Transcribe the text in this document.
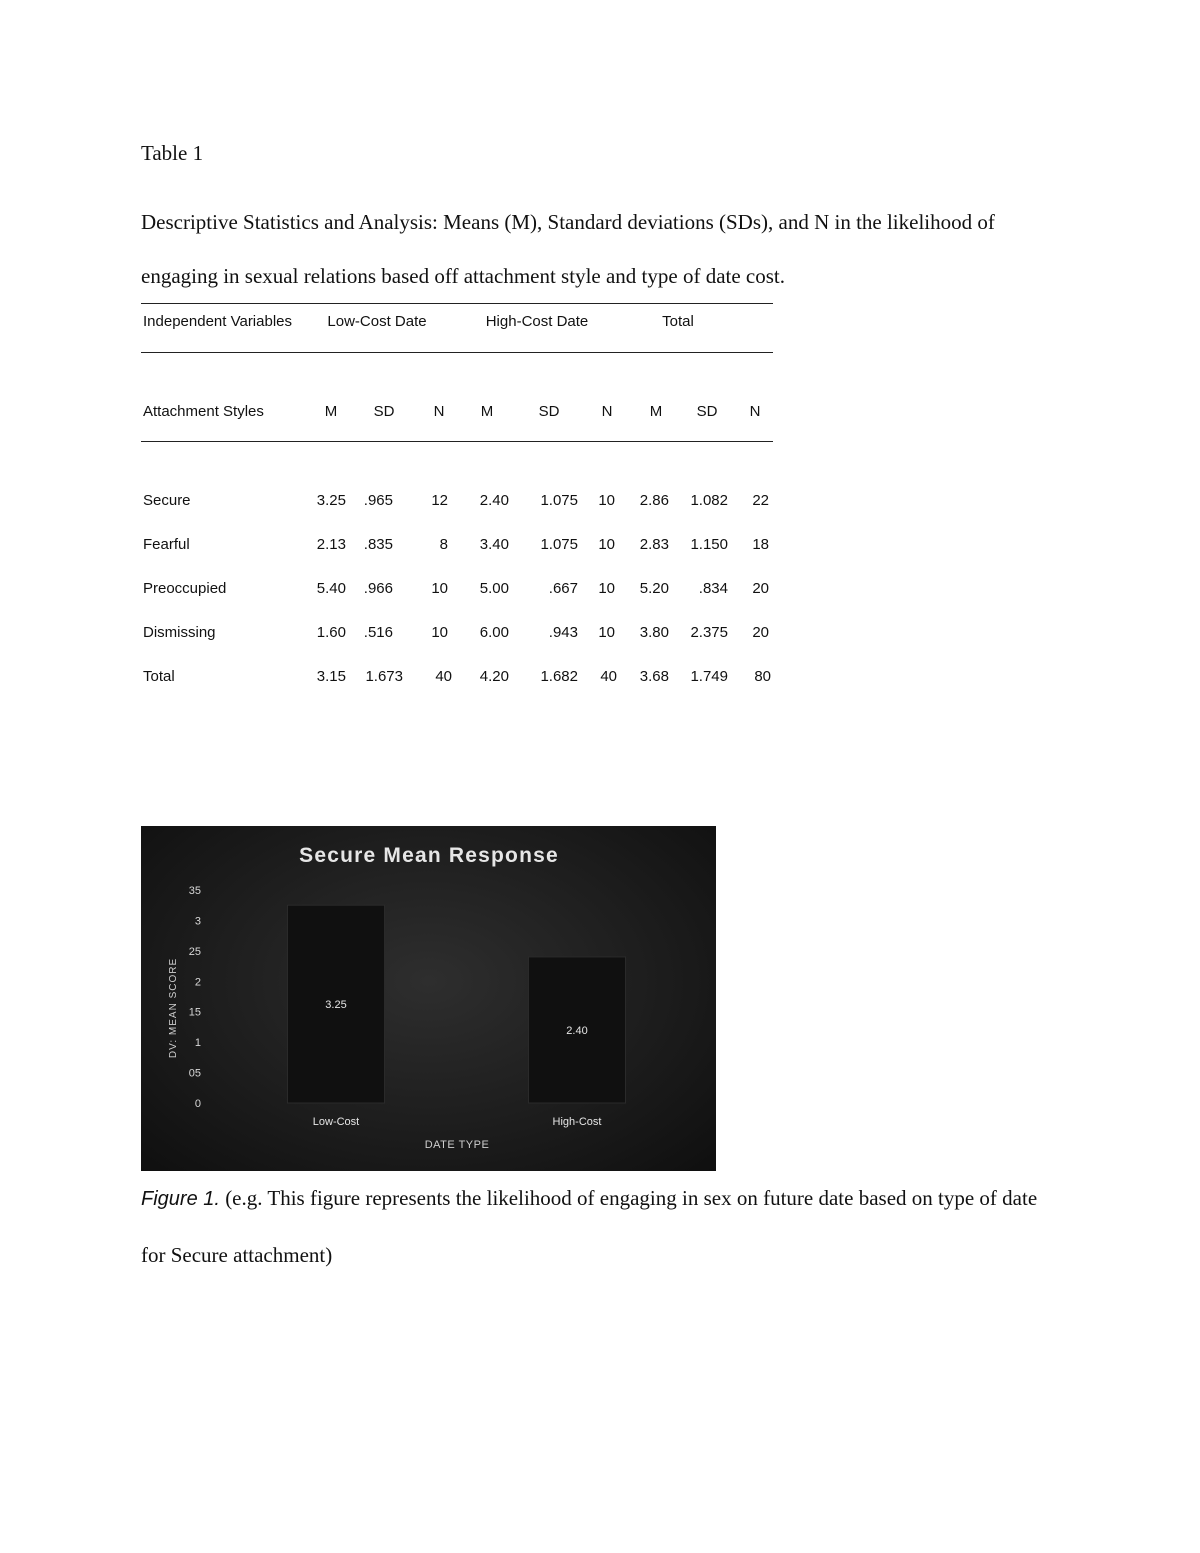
Table 1
Descriptive Statistics and Analysis: Means (M), Standard deviations (SDs), and N in the likelihood of engaging in sexual relations based off attachment style and type of date cost.
Independent Variables Low-Cost Date	High-Cost Date	Total
Attachment Styles	M SD	N M	SD	N M SD N
Secure	3.25 .965	12 2.40 1.075 10 2.86 1.082 22
Fearful	2.13 .835	8 3.40 1.075 10 2.83 1.150 18
Preoccupied	5.40 .966	10 5.00	.667 10 5.20 .834 20
Dismissing	1.60 .516	10 6.00	.943 10 3.80 2.375 20
Total	3.15 1.673 40 4.20 1.682 40 3.68 1.749 80
Secure Mean Response
DV: MEAN SCORE
DATE TYPE
0
05
1
15
2
25
3
35
3.25
Low-Cost
2.40
High-Cost
Figure 1. (e.g. This figure represents the likelihood of engaging in sex on future date based on type of date for Secure attachment)
